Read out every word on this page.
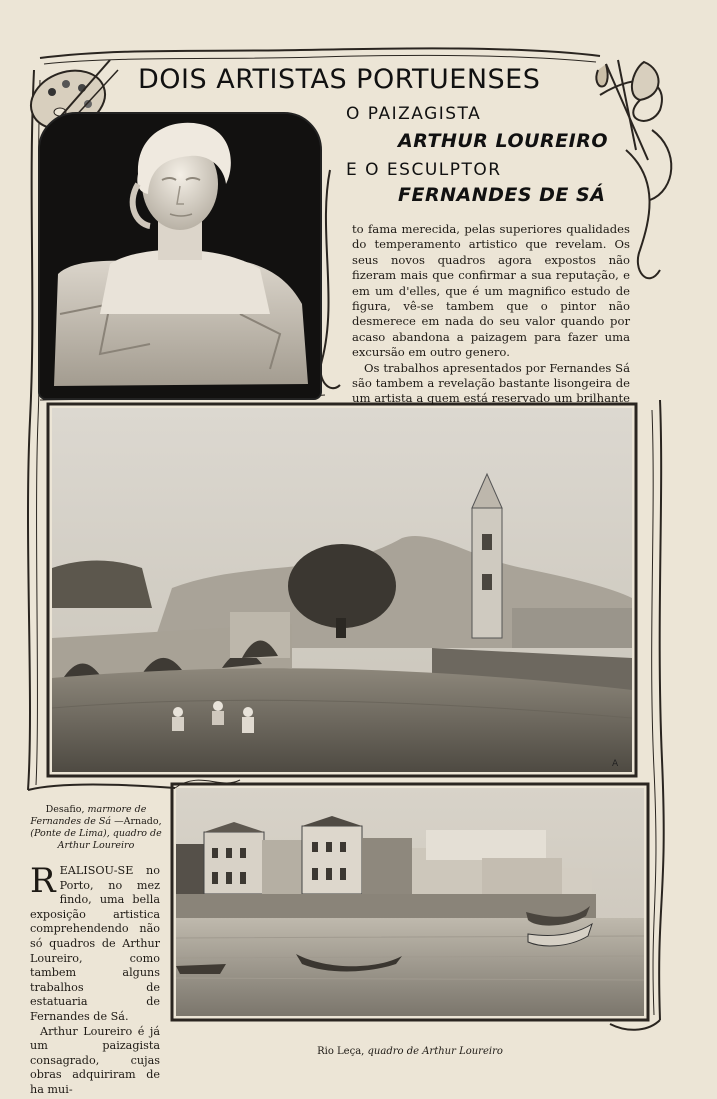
DOIS ARTISTAS PORTUENSES
O PAIZAGISTA
ARTHUR LOUREIRO
E O ESCULPTOR
FERNANDES DE SÁ

to fama merecida, pelas superiores qualidades do temperamento artistico que revelam. Os seus novos quadros agora expostos não fizeram mais que confirmar a sua reputação, e em um d'elles, que é um magnifico estudo de figura, vê-se tambem que o pintor não desmerece em nada do seu valor quando por acaso abandona a paizagem para fazer uma excursão em outro genero.

Os trabalhos apresentados por Fernandes Sá são tambem a revelação bastante lisongeira de um artista a quem está reservado um brilhante

A
Desafio, marmore de Fernandes de Sá —Arnado, (Ponte de Lima), quadro de Arthur Loureiro

REALISOU-SE no Porto, no mez findo, uma bella exposição artistica comprehendendo não só quadros de Arthur Loureiro, como tambem alguns trabalhos de estatuaria de Fernandes de Sá.

Arthur Loureiro é já um paizagista consagrado, cujas obras adquiriram de ha mui-

Rio Leça, quadro de Arthur Loureiro
